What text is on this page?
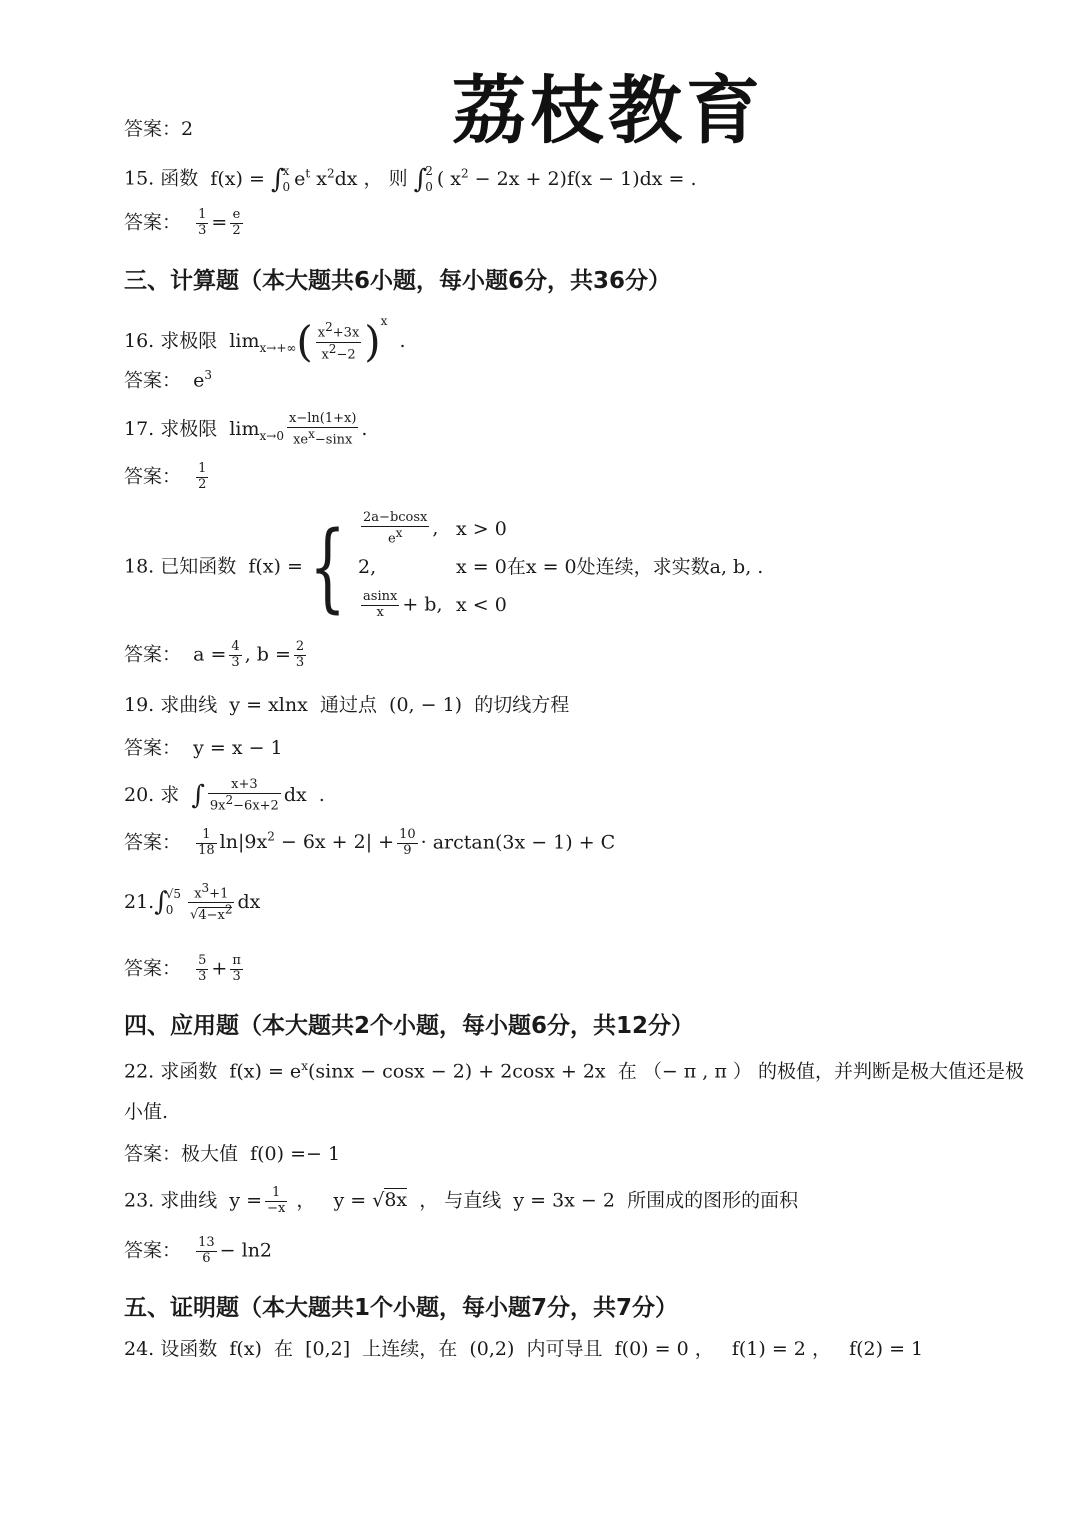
荔枝教育
答案：2
15. 函数 f(x) = ∫x
0 $e^t$ $x^2dx$ ， 则 ∫2
0 ( $x^2 - 2x + 2)f(x - 1)dx$ = .
答案： $\frac{1}{3} = \frac{e}{2}$
三、计算题（本大题共6小题，每小题6分，共36分）
16. 求极限 $\lim_{x\to+\infty}( \frac{x^2+3x}{x^2-2} )^x$  .
答案： $e^3$
17. 求极限 $\lim_{x\to 0} \frac{x-\ln(1+x)}{xe^x-\sin x}$ .
答案： $\frac{1}{2}$
18. 已知函数 f(x) ={ $\frac{2a-bcosx}{e^x}$ , x > 0
2,	x = 0在x = 0 处连续，求实数a, b, .
$\frac{asinx}{x} + b$, x < 0
答案： $a = \frac{4}{3}$ , $b = \frac{2}{3}$
19. 求曲线 y = xlnx 通过点 (0, − 1) 的切线方程
答案： y = x − 1
20. 求 ∫ $\frac{x+3}{9x^2-6x+2}$ dx  .
答案： $\frac{1}{18} \ln|9x^2 - 6x + 2| + \frac{10}{9} \cdot \arctan(3x - 1) + C$
21.∫√5
$0 \frac{x^3+1}{√4-x^2}$ dx
答案： $\frac{5}{3} + \frac{\pi}{3}$
四、应用题（本大题共2个小题，每小题6分，共12分）
22. 求函数 $f(x) = e^x(\sin x - \cos x - 2) + 2\cos x + 2x$ 在 （− π , π ） 的极值，并判断是极大值还是极
小值.
答案：极大值 f(0) =− 1
23. 求曲线 $y = \frac{1}{-x}$ ，   y = √8x ， 与直线 y = 3x − 2 所围成的图形的面积
答案： $\frac{13}{6} - \ln 2$
五、证明题（本大题共1个小题，每小题7分，共7分）
24. 设函数 f(x) 在 [0,2] 上连续，在 (0,2) 内可导且 f(0) = 0 ，   f(1) = 2 ，   f(2) = 1
